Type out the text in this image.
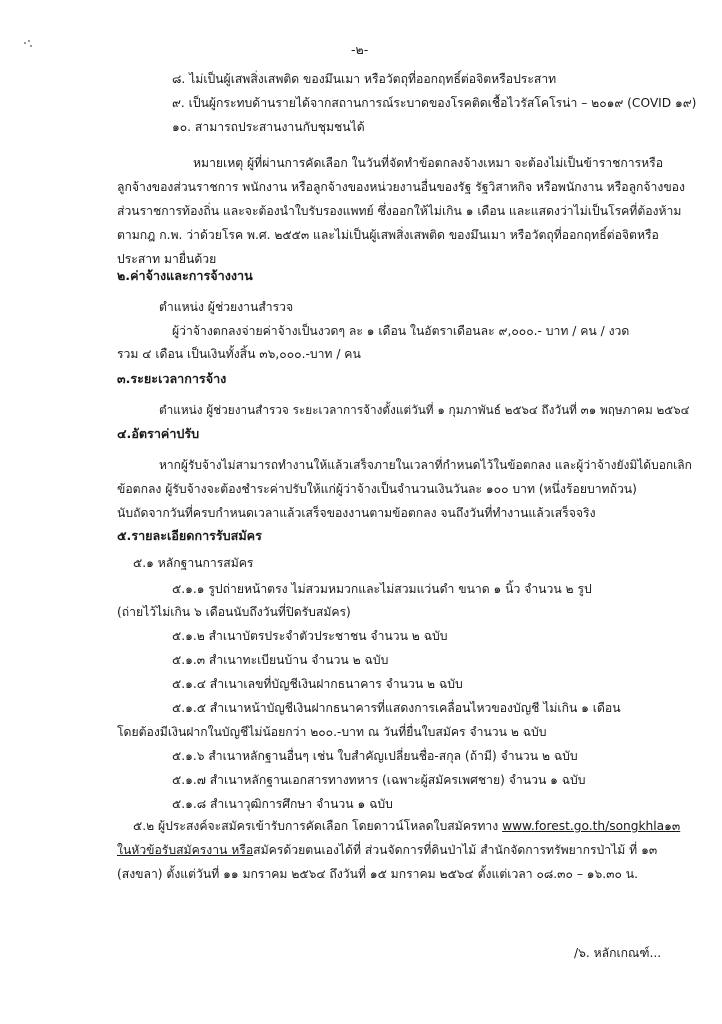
-๒-
๘. ไม่เป็นผู้เสพสิ่งเสพติด ของมึนเมา หรือวัตถุที่ออกฤทธิ์ต่อจิตหรือประสาท
๙. เป็นผู้กระทบด้านรายได้จากสถานการณ์ระบาดของโรคติดเชื้อไวรัสโคโรน่า – ๒๐๑๙ (COVID ๑๙)
๑๐. สามารถประสานงานกับชุมชนได้
หมายเหตุ ผู้ที่ผ่านการคัดเลือก ในวันที่จัดทำข้อตกลงจ้างเหมา จะต้องไม่เป็นข้าราชการหรือ
ลูกจ้างของส่วนราชการ พนักงาน หรือลูกจ้างของหน่วยงานอื่นของรัฐ รัฐวิสาหกิจ หรือพนักงาน หรือลูกจ้างของ
ส่วนราชการท้องถิ่น และจะต้องนำใบรับรองแพทย์ ซึ่งออกให้ไม่เกิน ๑ เดือน และแสดงว่าไม่เป็นโรคที่ต้องห้าม
ตามกฎ ก.พ. ว่าด้วยโรค พ.ศ. ๒๕๕๓ และไม่เป็นผู้เสพสิ่งเสพติด ของมึนเมา หรือวัตถุที่ออกฤทธิ์ต่อจิตหรือ
ประสาท มายื่นด้วย
๒.ค่าจ้างและการจ้างงาน
ตำแหน่ง ผู้ช่วยงานสำรวจ
ผู้ว่าจ้างตกลงจ่ายค่าจ้างเป็นงวดๆ ละ ๑ เดือน ในอัตราเดือนละ ๙,๐๐๐.- บาท / คน / งวด
รวม ๔ เดือน เป็นเงินทั้งสิ้น ๓๖,๐๐๐.-บาท / คน
๓.ระยะเวลาการจ้าง
ตำแหน่ง ผู้ช่วยงานสำรวจ ระยะเวลาการจ้างตั้งแต่วันที่ ๑ กุมภาพันธ์ ๒๕๖๔ ถึงวันที่ ๓๑ พฤษภาคม ๒๕๖๔
๔.อัตราค่าปรับ
หากผู้รับจ้างไม่สามารถทำงานให้แล้วเสร็จภายในเวลาที่กำหนดไว้ในข้อตกลง และผู้ว่าจ้างยังมิได้บอกเลิก
ข้อตกลง ผู้รับจ้างจะต้องชำระค่าปรับให้แก่ผู้ว่าจ้างเป็นจำนวนเงินวันละ ๑๐๐ บาท (หนึ่งร้อยบาทถ้วน)
นับถัดจากวันที่ครบกำหนดเวลาแล้วเสร็จของงานตามข้อตกลง จนถึงวันที่ทำงานแล้วเสร็จจริง
๕.รายละเอียดการรับสมัคร
๕.๑ หลักฐานการสมัคร
๕.๑.๑ รูปถ่ายหน้าตรง ไม่สวมหมวกและไม่สวมแว่นดำ ขนาด ๑ นิ้ว จำนวน ๒ รูป
(ถ่ายไว้ไม่เกิน ๖ เดือนนับถึงวันที่ปิดรับสมัคร)
๕.๑.๒ สำเนาบัตรประจำตัวประชาชน จำนวน ๒ ฉบับ
๕.๑.๓ สำเนาทะเบียนบ้าน จำนวน ๒ ฉบับ
๕.๑.๔ สำเนาเลขที่บัญชีเงินฝากธนาคาร จำนวน ๒ ฉบับ
๕.๑.๕ สำเนาหน้าบัญชีเงินฝากธนาคารที่แสดงการเคลื่อนไหวของบัญชี ไม่เกิน ๑ เดือน
โดยต้องมีเงินฝากในบัญชีไม่น้อยกว่า ๒๐๐.-บาท ณ วันที่ยื่นใบสมัคร จำนวน ๒ ฉบับ
๕.๑.๖ สำเนาหลักฐานอื่นๆ เช่น ใบสำคัญเปลี่ยนชื่อ-สกุล (ถ้ามี) จำนวน ๒ ฉบับ
๕.๑.๗ สำเนาหลักฐานเอกสารทางทหาร (เฉพาะผู้สมัครเพศชาย) จำนวน ๑ ฉบับ
๕.๑.๘ สำเนาวุฒิการศึกษา จำนวน ๑ ฉบับ
๕.๒ ผู้ประสงค์จะสมัครเข้ารับการคัดเลือก โดยดาวน์โหลดใบสมัครทาง www.forest.go.th/songkhla๑๓
ในหัวข้อรับสมัครงาน หรือสมัครด้วยตนเองได้ที่ ส่วนจัดการที่ดินป่าไม้ สำนักจัดการทรัพยากรป่าไม้ ที่ ๑๓
(สงขลา) ตั้งแต่วันที่ ๑๑ มกราคม ๒๕๖๔ ถึงวันที่ ๑๕ มกราคม ๒๕๖๔ ตั้งแต่เวลา ๐๘.๓๐ – ๑๖.๓๐ น.
/๖. หลักเกณฑ์...
